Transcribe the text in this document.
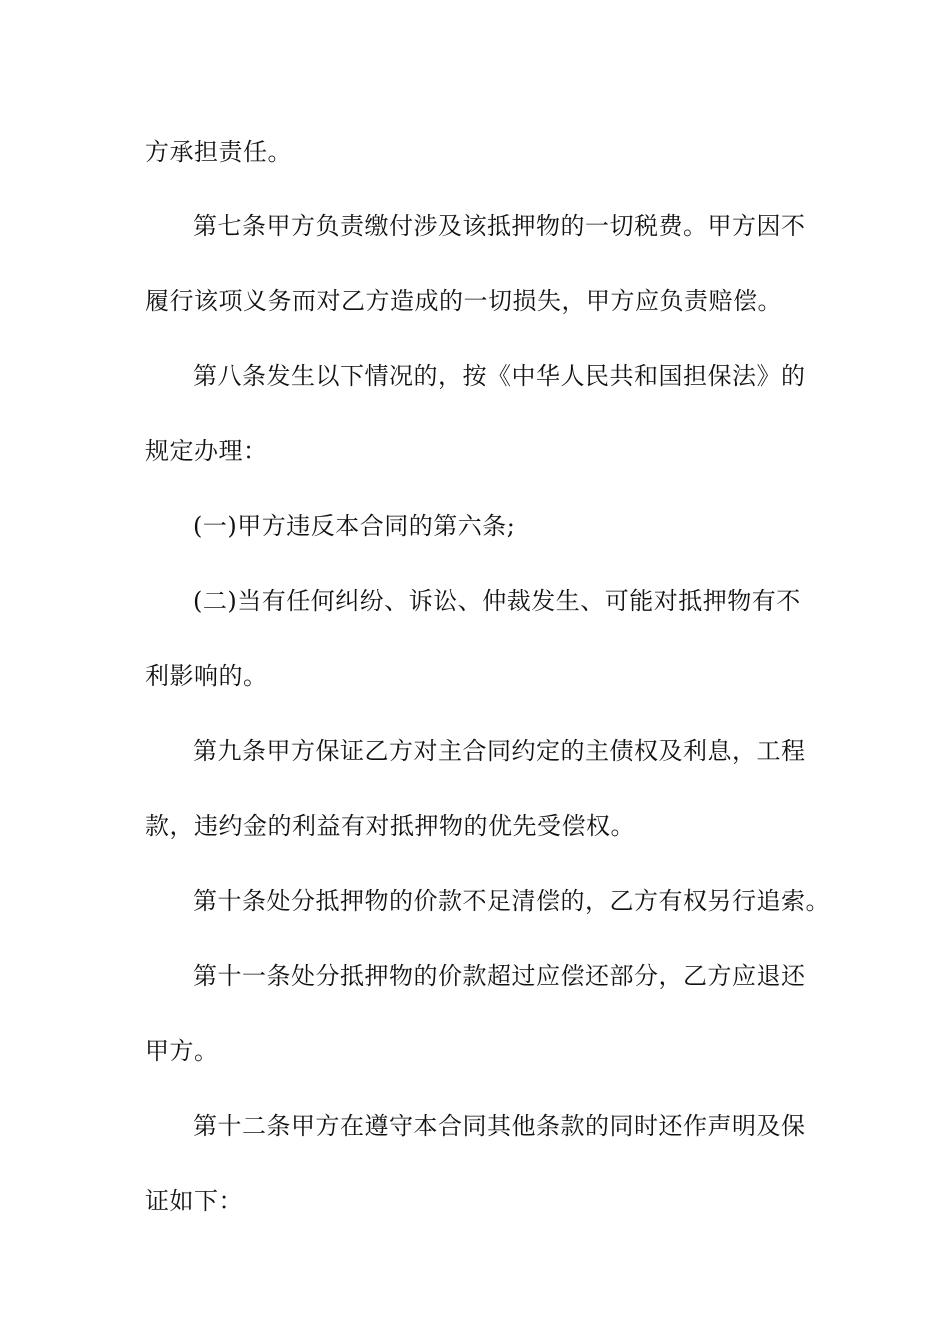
方承担责任。
第七条甲方负责缴付涉及该抵押物的一切税费。甲方因不
履行该项义务而对乙方造成的一切损失，甲方应负责赔偿。
第八条发生以下情况的，按《中华人民共和国担保法》的
规定办理：
(一)甲方违反本合同的第六条;
(二)当有任何纠纷、诉讼、仲裁发生、可能对抵押物有不
利影响的。
第九条甲方保证乙方对主合同约定的主债权及利息，工程
款，违约金的利益有对抵押物的优先受偿权。
第十条处分抵押物的价款不足清偿的，乙方有权另行追索。
第十一条处分抵押物的价款超过应偿还部分，乙方应退还
甲方。
第十二条甲方在遵守本合同其他条款的同时还作声明及保
证如下：
